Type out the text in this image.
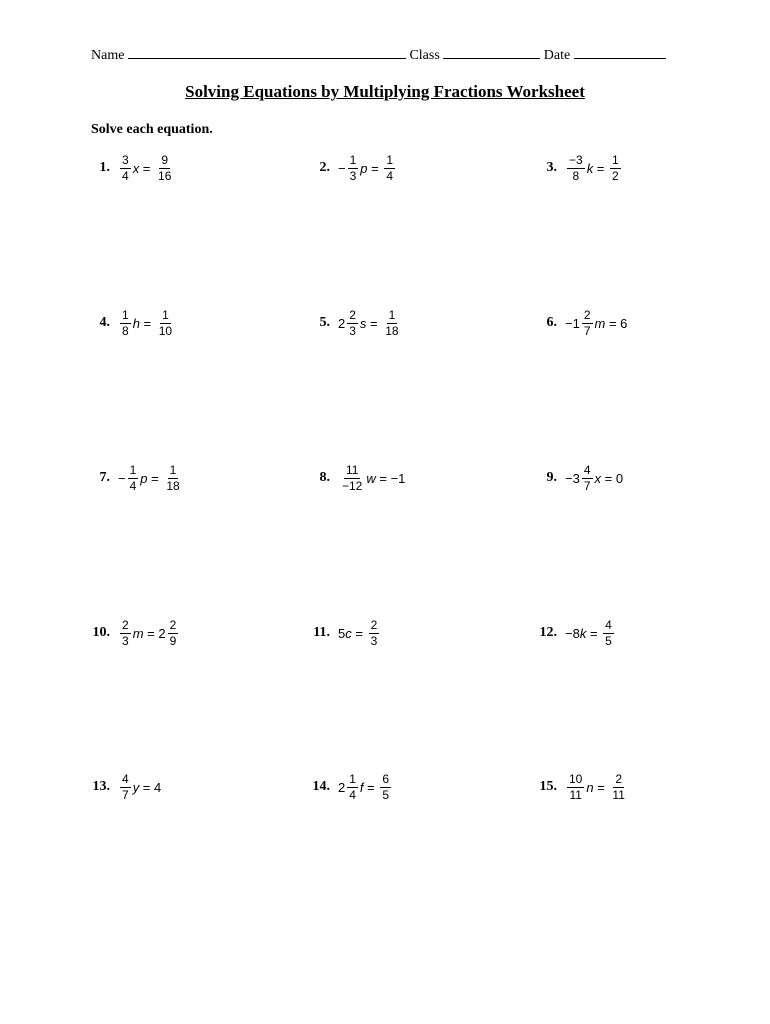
Name	Class	Date
Solving Equations by Multiplying Fractions Worksheet
Solve each equation.
1. $\frac{3}{4}$ $x = \frac{9}{16}$	2. − $\frac{1}{3}$ $p = \frac{1}{4}$	3. $\frac{-3}{8}$ $k = \frac{1}{2}$
4. $\frac{1}{8}$ $h = \frac{1}{10}$	5. $2 \frac{2}{3}$ $s = \frac{1}{18}$	6. $-1 \frac{2}{7}$ m = 6
7. − $\frac{1}{4}$ $p = \frac{1}{18}$	8. $\frac{11}{-12}$ w = −1	9. $-3 \frac{4}{7}$ x = 0
10. $\frac{2}{3}$ $m = 2 \frac{2}{9}$	11. 5 $c = \frac{2}{3}$	12. −8 $k = \frac{4}{5}$
13. $\frac{4}{7}$ y = 4	14. $2 \frac{1}{4}$ $f = \frac{6}{5}$	15. $\frac{10}{11}$ $n = \frac{2}{11}$
